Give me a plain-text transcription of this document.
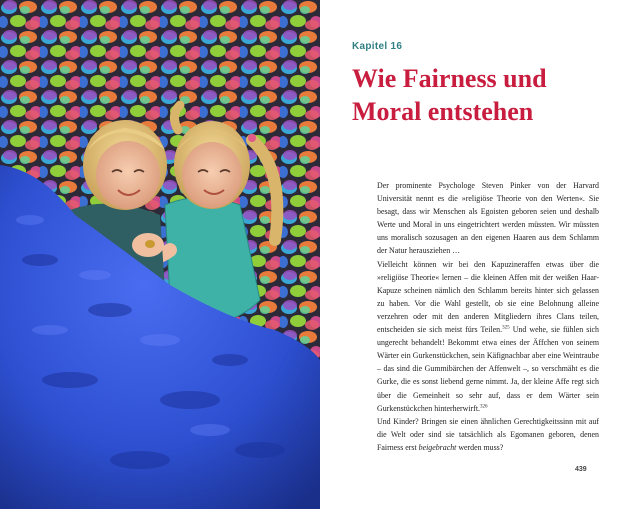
Kapitel 16
Wie Fairness und
Moral entstehen

Der prominente Psychologe Steven Pinker von der Harvard Universität nennt es die »religiöse Theorie von den Werten«. Sie besagt, dass wir Menschen als Egoisten geboren seien und deshalb Werte und Moral in uns eingetrichtert werden müssten. Wir müssten uns moralisch sozusagen an den eigenen Haaren aus dem Schlamm der Natur herausziehen …

Vielleicht können wir bei den Kapuzineraffen etwas über die »religiöse Theorie« lernen – die kleinen Affen mit der weißen Haar-Kapuze scheinen nämlich den Schlamm bereits hinter sich gelassen zu haben. Vor die Wahl gestellt, ob sie eine Belohnung alleine verzehren oder mit den anderen Mitgliedern ihres Clans teilen, entscheiden sie sich meist fürs Teilen.$^{325}$ Und wehe, sie fühlen sich ungerecht behandelt! Bekommt etwa eines der Äffchen von seinem Wärter ein Gurkenstückchen, sein Käfignachbar aber eine Weintraube – das sind die Gummibärchen der Affenwelt –, so verschmäht es die Gurke, die es sonst liebend gerne nimmt. Ja, der kleine Affe regt sich über die Gemeinheit so sehr auf, dass er dem Wärter sein Gurkenstückchen hinterherwirft.$^{326}$

Und Kinder? Bringen sie einen ähnlichen Gerechtigkeitssinn mit auf die Welt oder sind sie tatsächlich als Egomanen geboren, denen Fairness erst beigebracht werden muss?

439
